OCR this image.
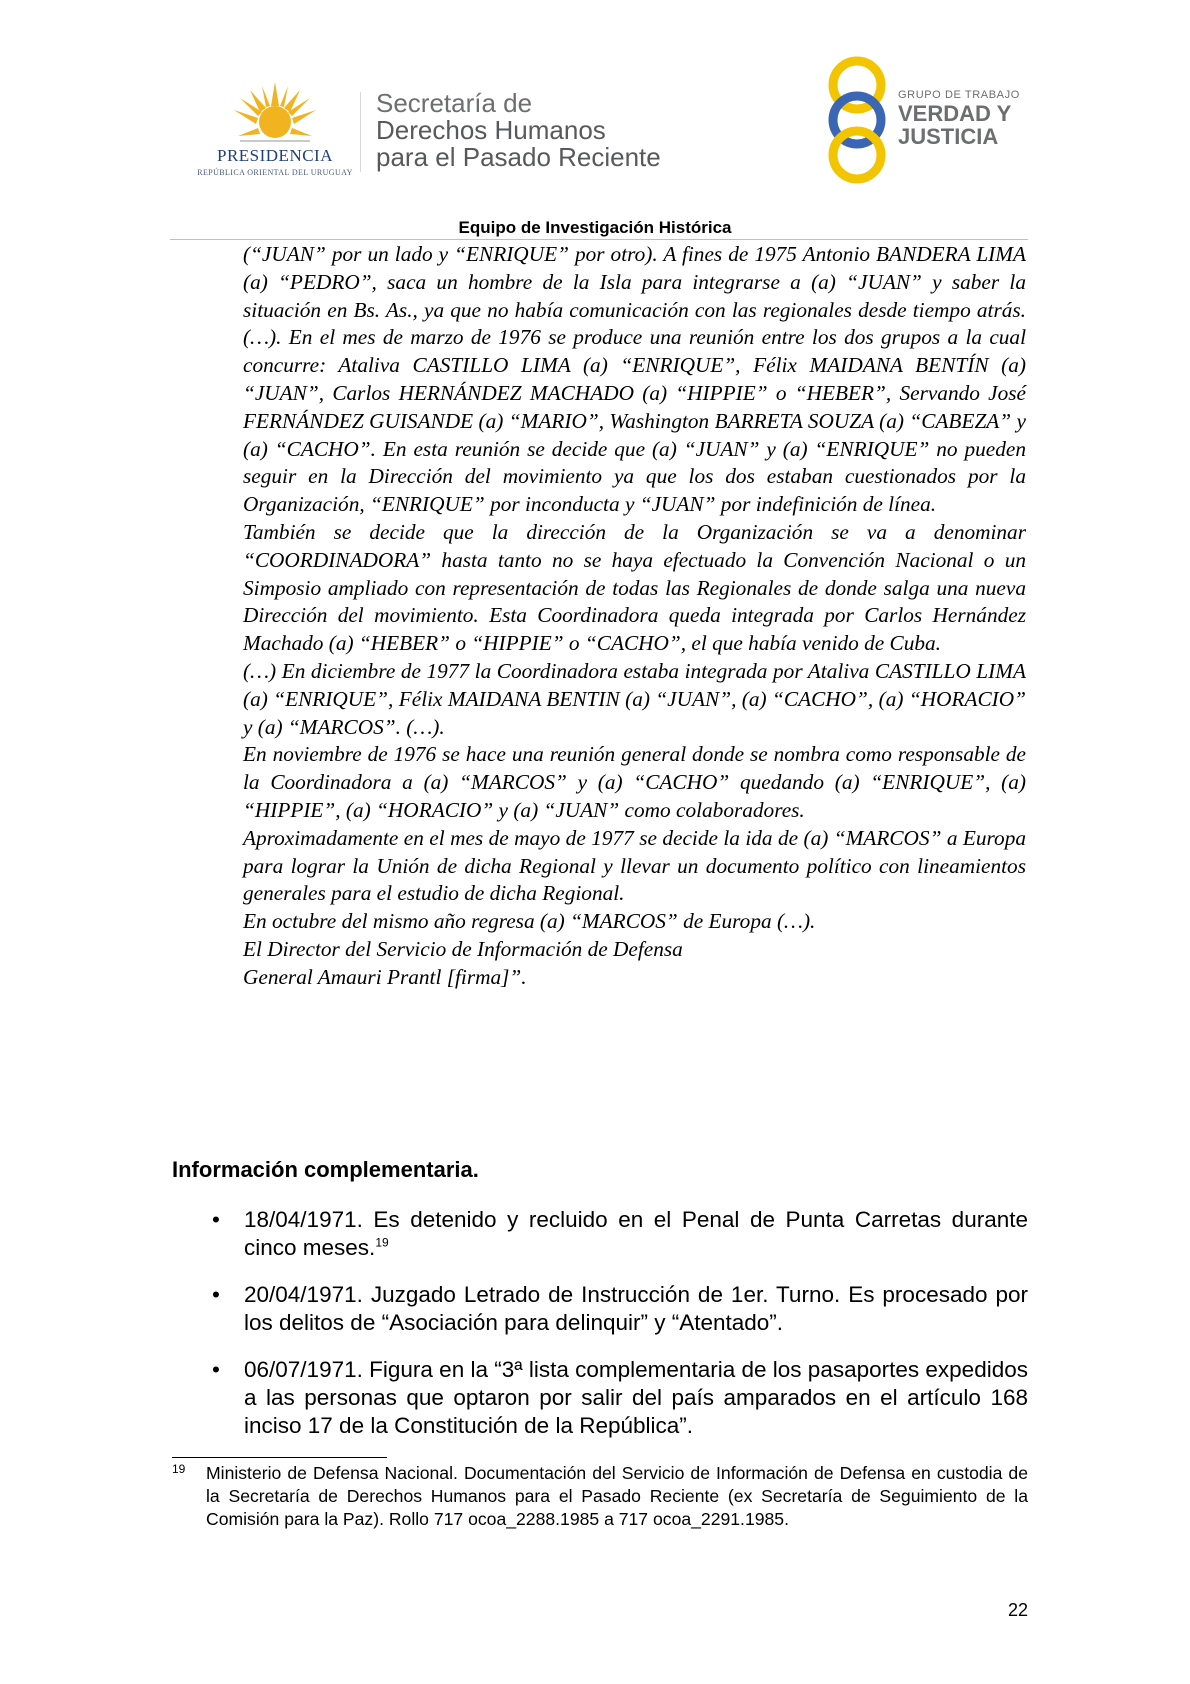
PRESIDENCIA
REPÚBLICA ORIENTAL DEL URUGUAY
Secretaría de
Derechos Humanos
para el Pasado Reciente
GRUPO DE TRABAJO
VERDAD Y
JUSTICIA
Equipo de Investigación Histórica

(“JUAN” por un lado y “ENRIQUE” por otro). A fines de 1975 Antonio BANDERA LIMA (a) “PEDRO”, saca un hombre de la Isla para integrarse a (a) “JUAN” y saber la situación en Bs. As., ya que no había comunicación con las regionales desde tiempo atrás. (…). En el mes de marzo de 1976 se produce una reunión entre los dos grupos a la cual concurre: Ataliva CASTILLO LIMA (a) “ENRIQUE”, Félix MAIDANA BENTÍN (a) “JUAN”, Carlos HERNÁNDEZ MACHADO (a) “HIPPIE” o “HEBER”, Servando José FERNÁNDEZ GUISANDE (a) “MARIO”, Washington BARRETA SOUZA (a) “CABEZA” y (a) “CACHO”. En esta reunión se decide que (a) “JUAN” y (a) “ENRIQUE” no pueden seguir en la Dirección del movimiento ya que los dos estaban cuestionados por la Organización, “ENRIQUE” por inconducta y “JUAN” por indefinición de línea.

También se decide que la dirección de la Organización se va a denominar “COORDINADORA” hasta tanto no se haya efectuado la Convención Nacional o un Simposio ampliado con representación de todas las Regionales de donde salga una nueva Dirección del movimiento. Esta Coordinadora queda integrada por Carlos Hernández Machado (a) “HEBER” o “HIPPIE” o “CACHO”, el que había venido de Cuba.

(…) En diciembre de 1977 la Coordinadora estaba integrada por Ataliva CASTILLO LIMA (a) “ENRIQUE”, Félix MAIDANA BENTIN (a) “JUAN”, (a) “CACHO”, (a) “HORACIO” y (a) “MARCOS”. (…).

En noviembre de 1976 se hace una reunión general donde se nombra como responsable de la Coordinadora a (a) “MARCOS” y (a) “CACHO” quedando (a) “ENRIQUE”, (a) “HIPPIE”, (a) “HORACIO” y (a) “JUAN” como colaboradores.

Aproximadamente en el mes de mayo de 1977 se decide la ida de (a) “MARCOS” a Europa para lograr la Unión de dicha Regional y llevar un documento político con lineamientos generales para el estudio de dicha Regional.

En octubre del mismo año regresa (a) “MARCOS” de Europa (…).

El Director del Servicio de Información de Defensa

General Amauri Prantl [firma]”.

Información complementaria.
• 18/04/1971. Es detenido y recluido en el Penal de Punta Carretas durante cinco meses.$^{19}$
• 20/04/1971. Juzgado Letrado de Instrucción de 1er. Turno. Es procesado por los delitos de “Asociación para delinquir” y “Atentado”.
• 06/07/1971. Figura en la “3ª lista complementaria de los pasaportes expedidos a las personas que optaron por salir del país amparados en el artículo 168 inciso 17 de la Constitución de la República”.
19 Ministerio de Defensa Nacional. Documentación del Servicio de Información de Defensa en custodia de la Secretaría de Derechos Humanos para el Pasado Reciente (ex Secretaría de Seguimiento de la Comisión para la Paz). Rollo 717 ocoa_2288.1985 a 717 ocoa_2291.1985.
22
